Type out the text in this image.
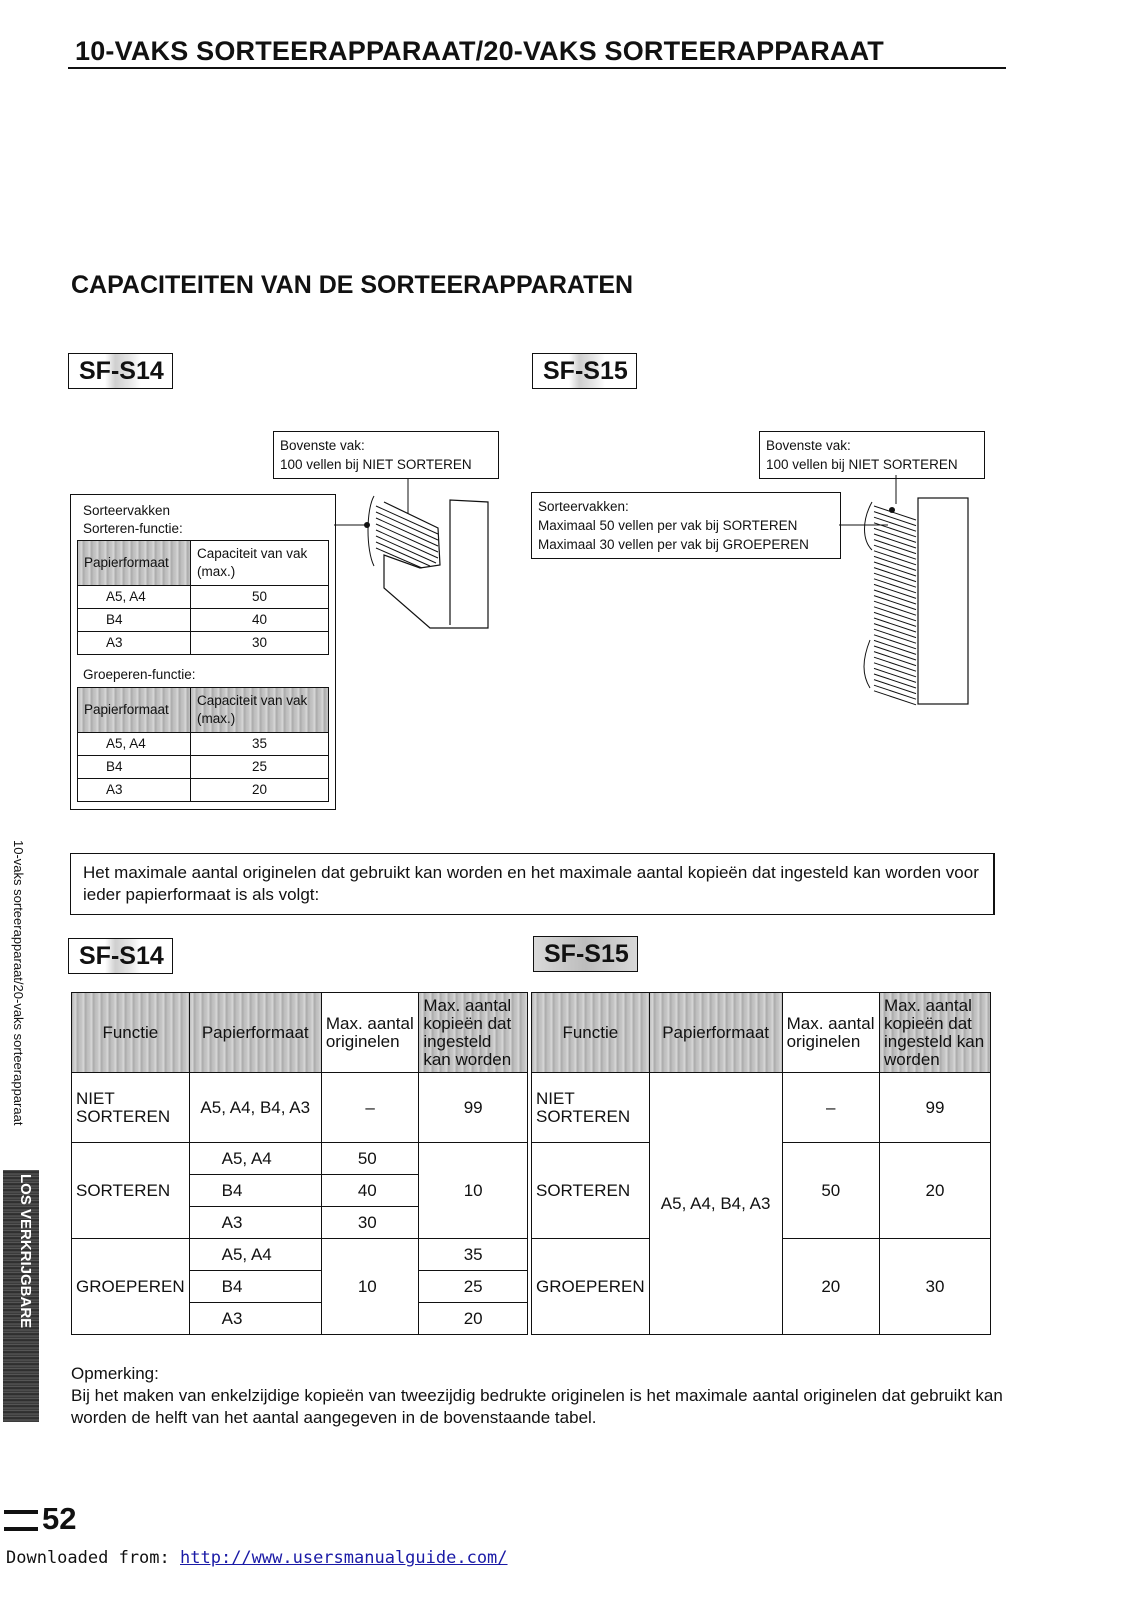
10-VAKS SORTEERAPPARAAT/20-VAKS SORTEERAPPARAAT
CAPACITEITEN VAN DE SORTEERAPPARATEN
SF-S14	SF-S15
Bovenste vak:
100 vellen bij NIET SORTEREN
Sorteervakken
Sorteren-functie:
Groeperen-functie:
Papierformaat	Capaciteit van vak
(max.)

A5, A4	50
B4	40
A3	30
Papierformaat	Capaciteit van vak
(max.)

A5, A4	35
B4	25
A3	20
Bovenste vak:
100 vellen bij NIET SORTEREN
Sorteervakken:
Maximaal 50 vellen per vak bij SORTEREN
Maximaal 30 vellen per vak bij GROEPEREN
Het maximale aantal originelen dat gebruikt kan worden en het maximale aantal kopieën dat ingesteld kan worden voor ieder papierformaat is als volgt:
SF-S14	SF-S15
Functie	Papierformaat	Max. aantal originelen	Max. aantal kopieën dat ingesteld kan worden
NIET SORTEREN	A5, A4, B4, A3	–	99
SORTEREN	A5, A4	50	10
	B4	40	
	A3	30	
GROEPEREN	A5, A4	10	35
	B4		25
	A3		20
Functie	Papierformaat	Max. aantal originelen	Max. aantal kopieën dat ingesteld kan worden
NIET SORTEREN	A5, A4, B4, A3	–	99
SORTEREN		50	20
GROEPEREN		20	30
Opmerking:
Bij het maken van enkelzijdige kopieën van tweezijdig bedrukte originelen is het maximale aantal originelen dat gebruikt kan worden de helft van het aantal aangegeven in de bovenstaande tabel.
10-vaks sorteerapparaat/20-vaks sorteerapparaat
LOS VERKRIJGBARE
52
Downloaded from: http://www.usersmanualguide.com/
